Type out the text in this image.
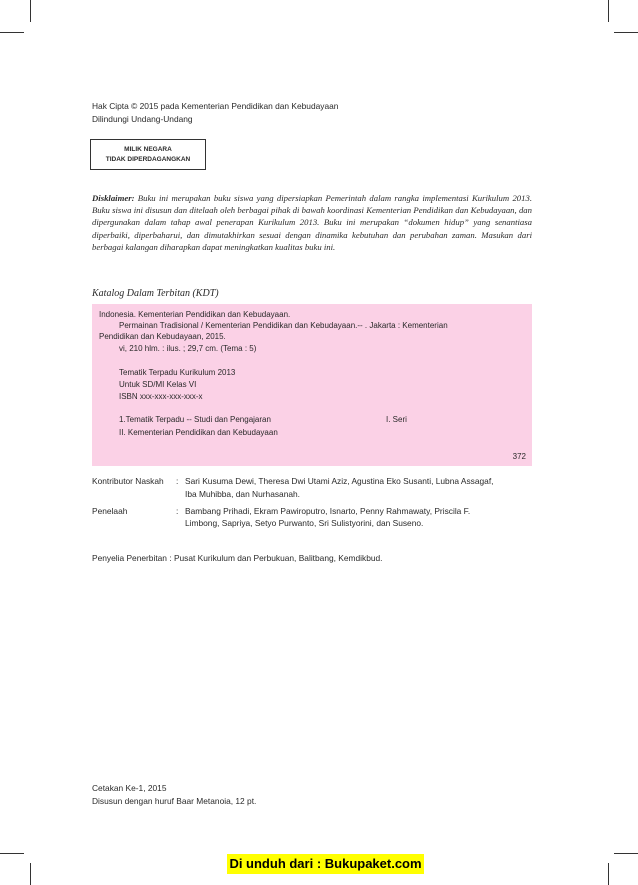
Hak Cipta © 2015 pada Kementerian Pendidikan dan Kebudayaan
Dilindungi Undang-Undang
MILIK NEGARA
TIDAK DIPERDAGANGKAN
Disklaimer: Buku ini merupakan buku siswa yang dipersiapkan Pemerintah dalam rangka implementasi Kurikulum 2013. Buku siswa ini disusun dan ditelaah oleh berbagai pihak di bawah koordinasi Kementerian Pendidikan dan Kebudayaan, dan dipergunakan dalam tahap awal penerapan Kurikulum 2013. Buku ini merupakan “dokumen hidup” yang senantiasa diperbaiki, diperbaharui, dan dimutakhirkan sesuai dengan dinamika kebutuhan dan perubahan zaman. Masukan dari berbagai kalangan diharapkan dapat meningkatkan kualitas buku ini.
Katalog Dalam Terbitan (KDT)
Indonesia. Kementerian Pendidikan dan Kebudayaan.
Permainan Tradisional / Kementerian Pendidikan dan Kebudayaan.-- . Jakarta : Kementerian
Pendidikan dan Kebudayaan, 2015.
vi, 210 hlm. : ilus. ; 29,7 cm. (Tema : 5)
Tematik Terpadu Kurikulum 2013
Untuk SD/MI Kelas VI
ISBN xxx-xxx-xxx-xxx-x
1.Tematik Terpadu -- Studi dan Pengajaran	I. Seri
II. Kementerian Pendidikan dan Kebudayaan
372
Kontributor Naskah : Sari Kusuma Dewi, Theresa Dwi Utami Aziz, Agustina Eko Susanti, Lubna Assagaf,
Iba Muhibba, dan Nurhasanah.
Penelaah	: Bambang Prihadi, Ekram Pawiroputro, Isnarto, Penny Rahmawaty, Priscila F.
Limbong, Sapriya, Setyo Purwanto, Sri Sulistyorini, dan Suseno.
Penyelia Penerbitan : Pusat Kurikulum dan Perbukuan, Balitbang, Kemdikbud.
Cetakan Ke-1, 2015
Disusun dengan huruf Baar Metanoia, 12 pt.
Di unduh dari : Bukupaket.com
